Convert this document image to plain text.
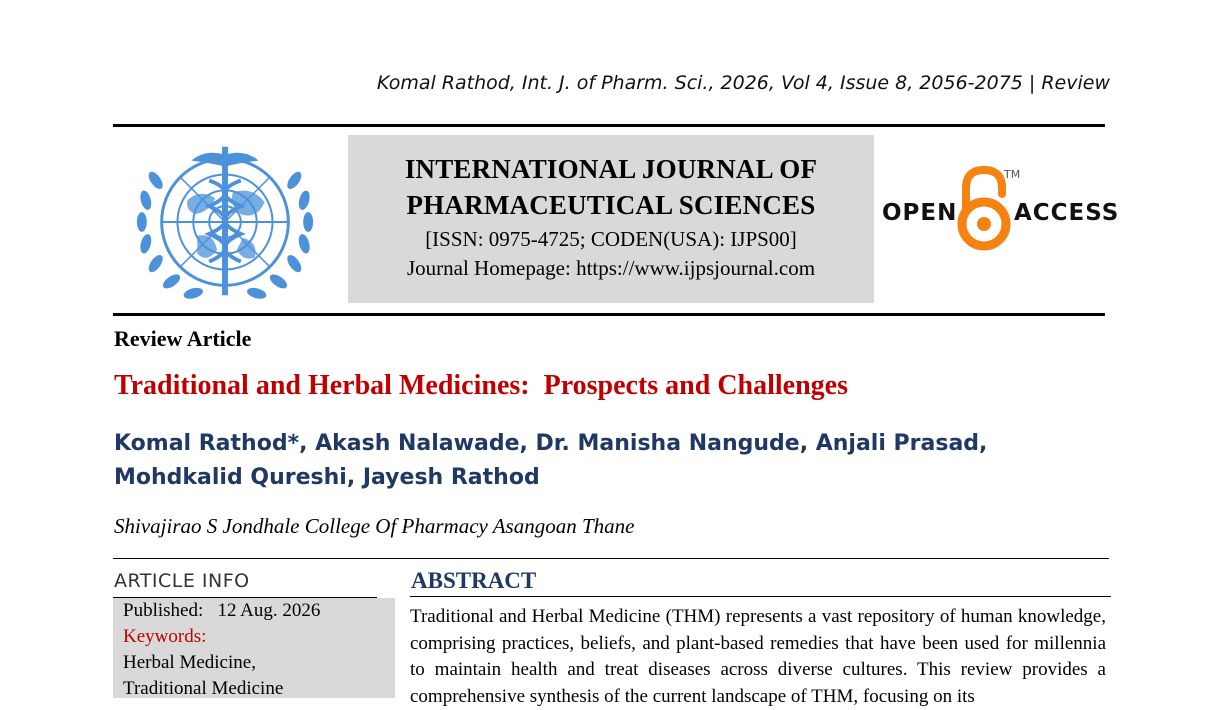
Komal Rathod, Int. J. of Pharm. Sci., 2026, Vol 4, Issue 8, 2056-2075 | Review
INTERNATIONAL JOURNAL OF
PHARMACEUTICAL SCIENCES
[ISSN: 0975-4725; CODEN(USA): IJPS00]
Journal Homepage: https://www.ijpsjournal.com
OPEN
TM
ACCESS
Review Article
Traditional and Herbal Medicines:  Prospects and Challenges
Komal Rathod*, Akash Nalawade, Dr. Manisha Nangude, Anjali Prasad, Mohdkalid Qureshi, Jayesh Rathod
Shivajirao S Jondhale College Of Pharmacy Asangoan Thane
ARTICLE INFO
Published: 12 Aug. 2026
Keywords:
Herbal Medicine,
Traditional Medicine
ABSTRACT
Traditional and Herbal Medicine (THM) represents a vast repository of human knowledge, comprising practices, beliefs, and plant-based remedies that have been used for millennia to maintain health and treat diseases across diverse cultures. This review provides a comprehensive synthesis of the current landscape of THM, focusing on its
